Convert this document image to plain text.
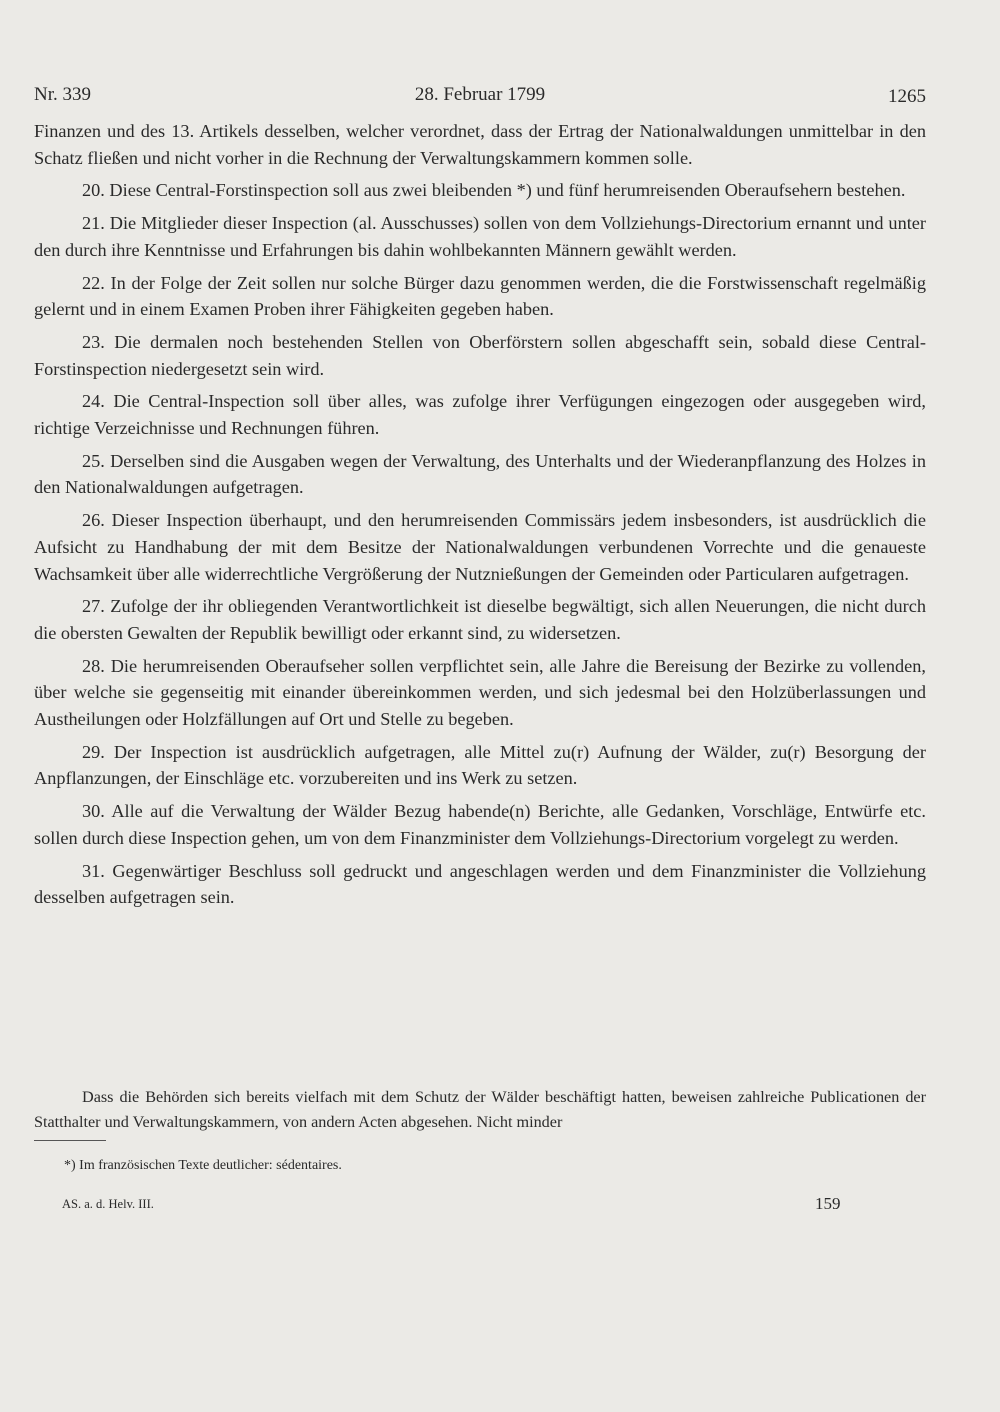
Nr. 339	28. Februar 1799	1265

Finanzen und des 13. Artikels desselben, welcher verordnet, dass der Ertrag der Nationalwaldungen unmittelbar in den Schatz fließen und nicht vorher in die Rechnung der Verwaltungskammern kommen solle.

20. Diese Central-Forstinspection soll aus zwei bleibenden *) und fünf herumreisenden Oberaufsehern bestehen.

21. Die Mitglieder dieser Inspection (al. Ausschusses) sollen von dem Vollziehungs-Directorium ernannt und unter den durch ihre Kenntnisse und Erfahrungen bis dahin wohlbekannten Männern gewählt werden.

22. In der Folge der Zeit sollen nur solche Bürger dazu genommen werden, die die Forstwissenschaft regelmäßig gelernt und in einem Examen Proben ihrer Fähigkeiten gegeben haben.

23. Die dermalen noch bestehenden Stellen von Oberförstern sollen abgeschafft sein, sobald diese Central-Forstinspection niedergesetzt sein wird.

24. Die Central-Inspection soll über alles, was zufolge ihrer Verfügungen eingezogen oder ausgegeben wird, richtige Verzeichnisse und Rechnungen führen.

25. Derselben sind die Ausgaben wegen der Verwaltung, des Unterhalts und der Wiederanpflanzung des Holzes in den Nationalwaldungen aufgetragen.

26. Dieser Inspection überhaupt, und den herumreisenden Commissärs jedem insbesonders, ist ausdrücklich die Aufsicht zu Handhabung der mit dem Besitze der Nationalwaldungen verbundenen Vorrechte und die genaueste Wachsamkeit über alle widerrechtliche Vergrößerung der Nutznießungen der Gemeinden oder Particularen aufgetragen.

27. Zufolge der ihr obliegenden Verantwortlichkeit ist dieselbe begwältigt, sich allen Neuerungen, die nicht durch die obersten Gewalten der Republik bewilligt oder erkannt sind, zu widersetzen.

28. Die herumreisenden Oberaufseher sollen verpflichtet sein, alle Jahre die Bereisung der Bezirke zu vollenden, über welche sie gegenseitig mit einander übereinkommen werden, und sich jedesmal bei den Holzüberlassungen und Austheilungen oder Holzfällungen auf Ort und Stelle zu begeben.

29. Der Inspection ist ausdrücklich aufgetragen, alle Mittel zu(r) Aufnung der Wälder, zu(r) Besorgung der Anpflanzungen, der Einschläge etc. vorzubereiten und ins Werk zu setzen.

30. Alle auf die Verwaltung der Wälder Bezug habende(n) Berichte, alle Gedanken, Vorschläge, Entwürfe etc. sollen durch diese Inspection gehen, um von dem Finanzminister dem Vollziehungs-Directorium vorgelegt zu werden.

31. Gegenwärtiger Beschluss soll gedruckt und angeschlagen werden und dem Finanzminister die Vollziehung desselben aufgetragen sein.

Dass die Behörden sich bereits vielfach mit dem Schutz der Wälder beschäftigt hatten, beweisen zahlreiche Publicationen der Statthalter und Verwaltungskammern, von andern Acten abgesehen. Nicht minder

*) Im französischen Texte deutlicher: sédentaires.

AS. a. d. Helv. III.	159
